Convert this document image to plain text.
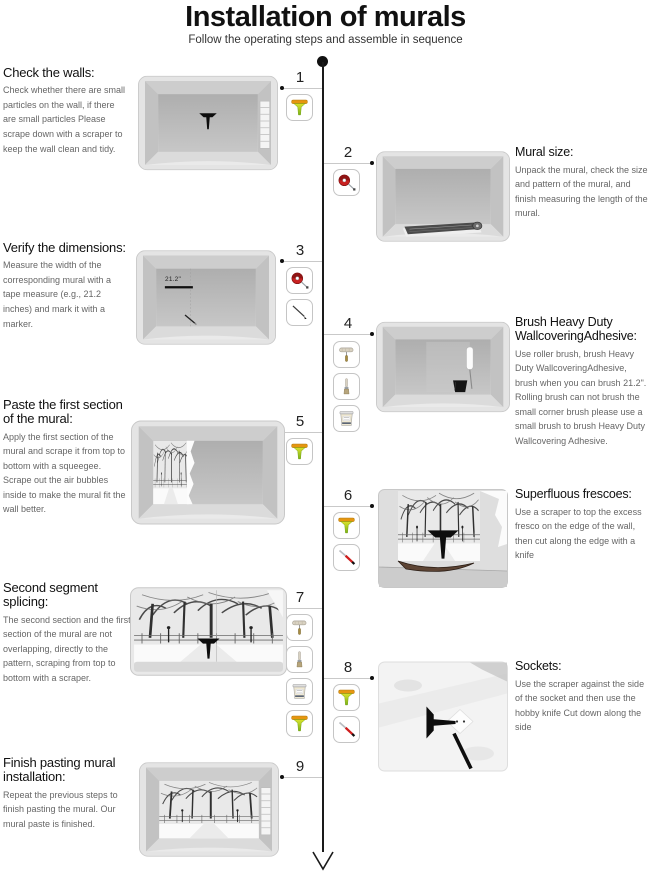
Installation of murals
Follow the operating steps and assemble in sequence
1
2
3
4
5
6
7
8
9
Check the walls:
Check whether there are small particles on the wall, if there are small particles Please scrape down with a scraper to keep the wall clean and tidy.	Mural size:
Unpack the mural, check the size and pattern of the mural, and finish measuring the length of the mural.
Verify the dimensions:
Measure the width of the corresponding mural with a tape measure (e.g., 21.2 inches) and mark it with a marker.	Brush Heavy Duty WallcoveringAdhesive:
Use roller brush, brush Heavy Duty WallcoveringAdhesive, brush when you can brush 21.2". Rolling brush can not brush the small corner brush please use a small brush to brush Heavy Duty Wallcovering Adhesive.
Paste the first section of the mural:
Apply the first section of the mural and scrape it from top to bottom with a squeegee. Scrape out the air bubbles inside to make the mural fit the wall better.
Superfluous frescoes:
Use a scraper to top the excess fresco on the edge of the wall, then cut along the edge with a knife
Second segment splicing:
The second section and the first section of the mural are not overlapping, directly to the pattern, scraping from top to bottom with a scraper.
Sockets:
Use the scraper against the side of the socket and then use the hobby knife Cut down along the side
Finish pasting mural installation:
Repeat the previous steps to finish pasting the mural. Our mural paste is finished.
21.2"
